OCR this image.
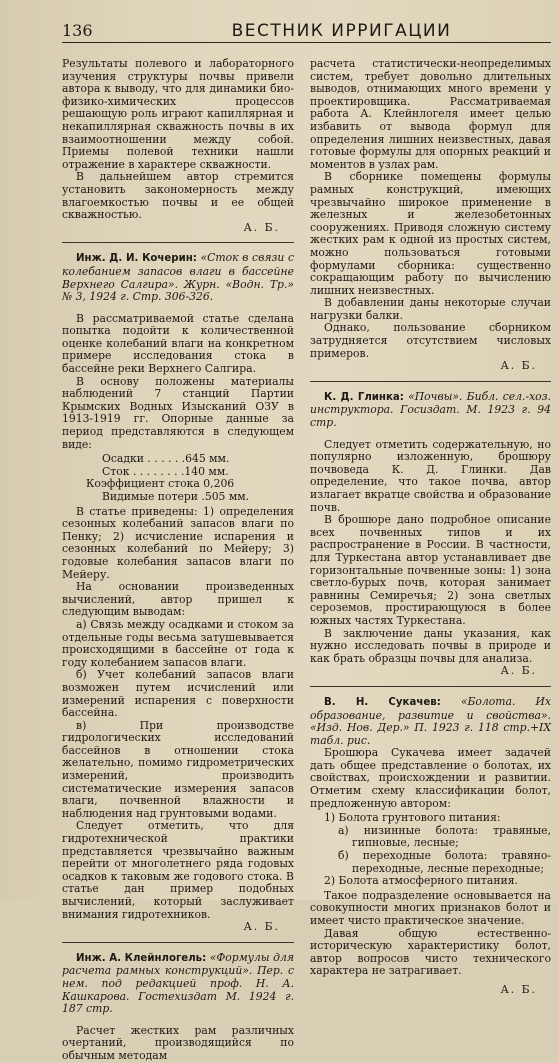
136	ВЕСТНИК ИРРИГАЦИИ

Результаты полевого и лабораторного изучения структуры почвы привели автора к выводу, что для динамики био-физико-химических процессов решающую роль играют капиллярная и некапиллярная скважность почвы в их взаимоотношении между собой. Приемы полевой техники нашли отражение в характере скважности.

В дальнейшем автор стремится установить закономерность между влагоемкостью почвы и ее общей скважностью.

А. Б.

Инж. Д. И. Кочерин: «Сток в связи с колебанием запасов влаги в бассейне Верхнего Салгира». Журн. «Водн. Тр.» № 3, 1924 г. Стр. 306-326.

В рассматриваемой статье сделана попытка подойти к количественной оценке колебаний влаги на конкретном примере исследования стока в бассейне реки Верхнего Салгира.

В основу положены материалы наблюдений 7 станций Партии Крымских Водных Изысканий ОЗУ в 1913-1919 гг. Опорные данные за период представляются в следующем виде:

Осадки . . . . . .645 мм.

Сток . . . . . . . .140 мм.

Коэффициент стока 0,206

Видимые потери .505 мм.

В статье приведены: 1) определения сезонных колебаний запасов влаги по Пенку; 2) исчисление испарения и сезонных колебаний по Мейеру; 3) годовые колебания запасов влаги по Мейеру.

На основании произведенных вычислений, автор пришел к следующим выводам:

а) Связь между осадками и стоком за отдельные годы весьма затушевывается происходящими в бассейне от года к году колебанием запасов влаги.

б) Учет колебаний запасов влаги возможен путем исчислений или измерений испарения с поверхности бассейна.

в) При производстве гидрологических исследований бассейнов в отношении стока желательно, помимо гидрометрических измерений, производить систематические измерения запасов влаги, почвенной влажности и наблюдения над грунтовыми водами.

Следует отметить, что для гидротехнической практики представляется чрезвычайно важным перейти от многолетнего ряда годовых осадков к таковым же годового стока. В статье дан пример подобных вычислений, который заслуживает внимания гидротехников.

А. Б.

Инж. А. Клейнлогель: «Формулы для расчета рамных конструкций». Пер. с нем. под редакцией проф. Н. А. Кашкарова. Гостехиздат М. 1924 г. 187 стр.

Расчет жестких рам различных очертаний, производящийся по обычным методам

расчета статистически-неопределимых систем, требует довольно длительных выводов, отнимающих много времени у проектировщика. Рассматриваемая работа А. Клейнлогеля имеет целью избавить от вывода формул для определения лишних неизвестных, давая готовые формулы для опорных реакций и моментов в узлах рам.

В сборнике помещены формулы рамных конструкций, имеющих чрезвычайно широкое применение в железных и железобетонных сооружениях. Приводя сложную систему жестких рам к одной из простых систем, можно пользоваться готовыми формулами сборника: существенно сокращающим работу по вычислению лишних неизвестных.

В добавлении даны некоторые случаи нагрузки балки.

Однако, пользование сборником затрудняется отсутствием числовых примеров.

А. Б.

К. Д. Глинка: «Почвы». Библ. сел.-хоз. инструктора. Госиздат. М. 1923 г. 94 стр.

Следует отметить содержательную, но популярно изложенную, брошюру почвоведа К. Д. Глинки. Дав определение, что такое почва, автор излагает вкратце свойства и образование почв.

В брошюре дано подробное описание всех почвенных типов и их распространение в России. В частности, для Туркестана автор устанавливает две горизонтальные почвенные зоны: 1) зона светло-бурых почв, которая занимает равнины Семиречья; 2) зона светлых сероземов, простирающуюся в более южных частях Туркестана.

В заключение даны указания, как нужно исследовать почвы в природе и как брать образцы почвы для анализа.

А. Б.

В. Н. Сукачев: «Болота. Их образование, развитие и свойства». «Изд. Нов. Дер.» П. 1923 г. 118 стр.+IX табл. рис.

Брошюра Сукачева имеет задачей дать общее представление о болотах, их свойствах, происхождении и развитии. Отметим схему классификации болот, предложенную автором:

1) Болота грунтового питания:

а) низинные болота: травяные, гипновые, лесные;

б) переходные болота: травяно-переходные, лесные переходные;

2) Болота атмосферного питания.

Такое подразделение основывается на совокупности многих признаков болот и имеет чисто практическое значение.

Давая общую естественно-историческую характеристику болот, автор вопросов чисто технического характера не затрагивает.

А. Б.
